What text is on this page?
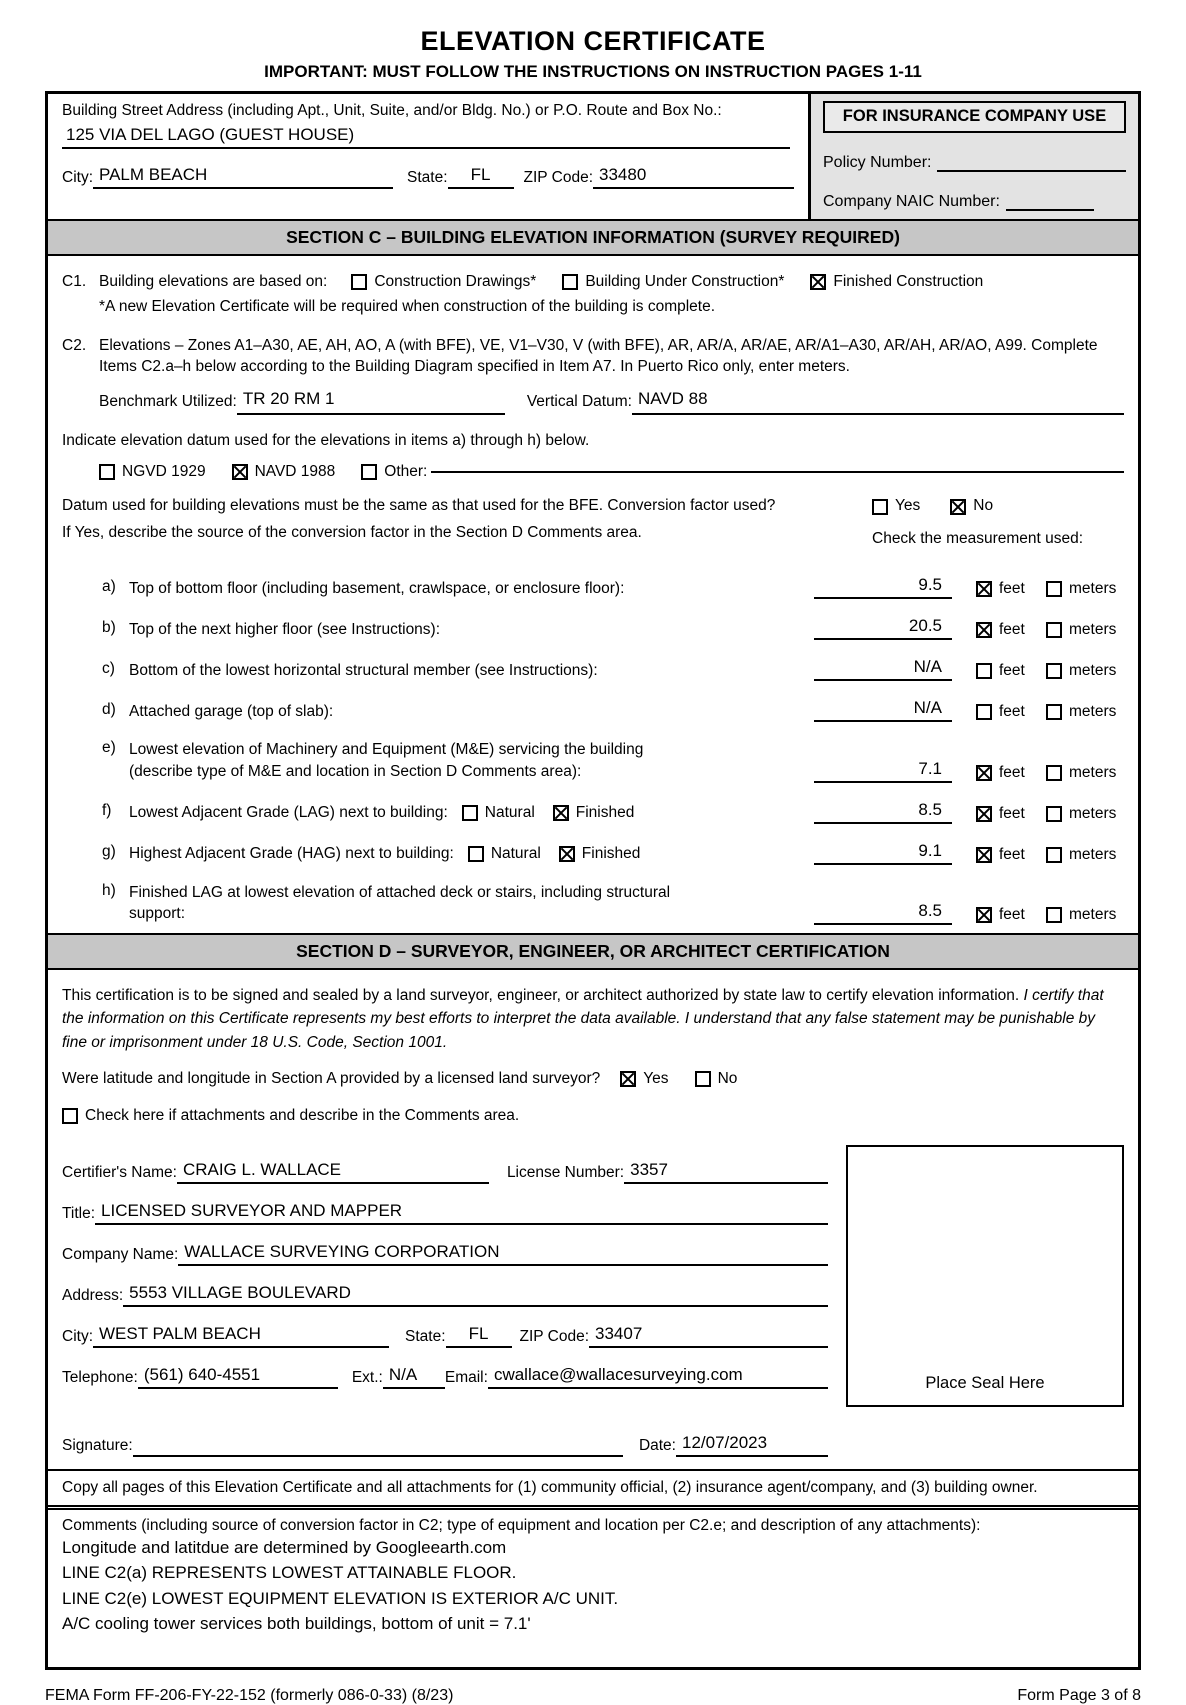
ELEVATION CERTIFICATE
IMPORTANT: MUST FOLLOW THE INSTRUCTIONS ON INSTRUCTION PAGES 1-11
Building Street Address (including Apt., Unit, Suite, and/or Bldg. No.) or P.O. Route and Box No.:
125 VIA DEL LAGO (GUEST HOUSE)
City: PALM BEACH	State:	FL	ZIP Code: 33480
FOR INSURANCE COMPANY USE
Policy Number:
Company NAIC Number:
SECTION C – BUILDING ELEVATION INFORMATION (SURVEY REQUIRED)
C1. Building elevations are based on:	Construction Drawings*	Building Under Construction*	Finished Construction
*A new Elevation Certificate will be required when construction of the building is complete.
C2. Elevations – Zones A1–A30, AE, AH, AO, A (with BFE), VE, V1–V30, V (with BFE), AR, AR/A, AR/AE, AR/A1–A30, AR/AH, AR/AO, A99. Complete Items C2.a–h below according to the Building Diagram specified in Item A7. In Puerto Rico only, enter meters.
Benchmark Utilized: TR 20 RM 1	Vertical Datum: NAVD 88
Indicate elevation datum used for the elevations in items a) through h) below.
NGVD 1929	NAVD 1988	Other:
Datum used for building elevations must be the same as that used for the BFE. Conversion factor used?
If Yes, describe the source of the conversion factor in the Section D Comments area.
Yes	No
Check the measurement used:
a) Top of bottom floor (including basement, crawlspace, or enclosure floor):	9.5	feet	meters
b) Top of the next higher floor (see Instructions):	20.5	feet	meters
c) Bottom of the lowest horizontal structural member (see Instructions):	N/A	feet	meters
d) Attached garage (top of slab):	N/A	feet	meters
e) Lowest elevation of Machinery and Equipment (M&E) servicing the building
(describe type of M&E and location in Section D Comments area):	7.1	feet	meters
f)	Lowest Adjacent Grade (LAG) next to building: Natural	Finished	8.5	feet	meters
g) Highest Adjacent Grade (HAG) next to building: Natural	Finished	9.1	feet	meters
h) Finished LAG at lowest elevation of attached deck or stairs, including structural
support:	8.5	feet	meters
SECTION D – SURVEYOR, ENGINEER, OR ARCHITECT CERTIFICATION
This certification is to be signed and sealed by a land surveyor, engineer, or architect authorized by state law to certify elevation information. I certify that the information on this Certificate represents my best efforts to interpret the data available. I understand that any false statement may be punishable by fine or imprisonment under 18 U.S. Code, Section 1001.
Were latitude and longitude in Section A provided by a licensed land surveyor?	Yes	No
Check here if attachments and describe in the Comments area.
Certifier's Name: CRAIG L. WALLACE	License Number: 3357
Title: LICENSED SURVEYOR AND MAPPER
Company Name: WALLACE SURVEYING CORPORATION
Address: 5553 VILLAGE BOULEVARD
City: WEST PALM BEACH	State:	FL	ZIP Code: 33407
Telephone: (561) 640-4551	Ext.: N/A	Email: cwallace@wallacesurveying.com
Signature:	Date: 12/07/2023
Place Seal Here
Copy all pages of this Elevation Certificate and all attachments for (1) community official, (2) insurance agent/company, and (3) building owner.
Comments (including source of conversion factor in C2; type of equipment and location per C2.e; and description of any attachments):
Longitude and latitdue are determined by Googleearth.com
LINE C2(a) REPRESENTS LOWEST ATTAINABLE FLOOR.
LINE C2(e) LOWEST EQUIPMENT ELEVATION IS EXTERIOR A/C UNIT.
A/C cooling tower services both buildings, bottom of unit = 7.1'
FEMA Form FF-206-FY-22-152 (formerly 086-0-33) (8/23)	Form Page 3 of 8
